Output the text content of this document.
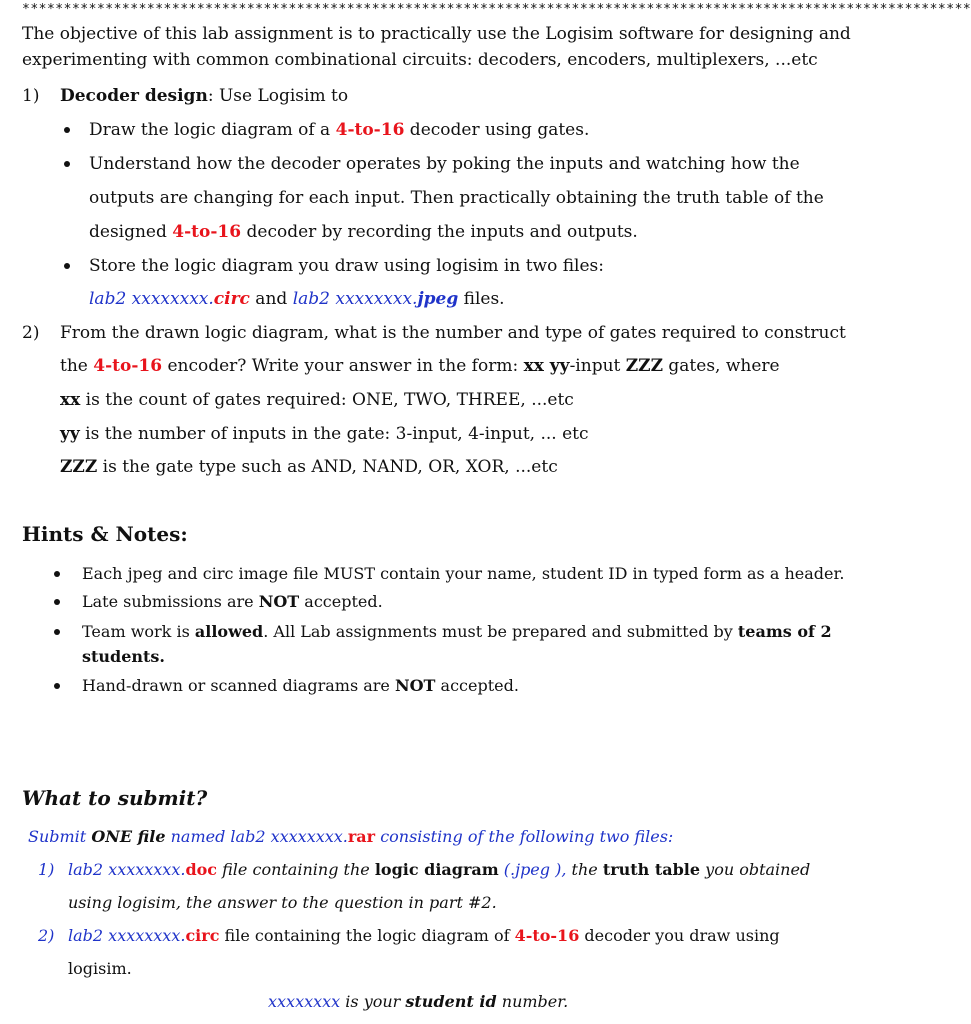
******************************************************************************************************************
The objective of this lab assignment is to practically use the Logisim software for designing and
experimenting with common combinational circuits: decoders, encoders, multiplexers, ...etc
1) Decoder design: Use Logisim to
Draw the logic diagram of a 4-to-16 decoder using gates.
Understand how the decoder operates by poking the inputs and watching how the
outputs are changing for each input. Then practically obtaining the truth table of the
designed 4-to-16 decoder by recording the inputs and outputs.
Store the logic diagram you draw using logisim in two files:
lab2 xxxxxxxx.circ and lab2 xxxxxxxx.jpeg files.
2) From the drawn logic diagram, what is the number and type of gates required to construct
the 4-to-16 encoder? Write your answer in the form: xx yy-input ZZZ gates, where
xx is the count of gates required: ONE, TWO, THREE, ...etc
yy is the number of inputs in the gate: 3-input, 4-input, ... etc
ZZZ is the gate type such as AND, NAND, OR, XOR, ...etc
Hints & Notes:
Each jpeg and circ image file MUST contain your name, student ID in typed form as a header.
Late submissions are NOT accepted.
Team work is allowed. All Lab assignments must be prepared and submitted by teams of 2
students.
Hand-drawn or scanned diagrams are NOT accepted.
What to submit?
Submit ONE file named lab2 xxxxxxxx.rar consisting of the following two files:
1) lab2 xxxxxxxx.doc file containing the logic diagram (.jpeg ), the truth table you obtained
using logisim, the answer to the question in part #2.
2) lab2 xxxxxxxx.circ file containing the logic diagram of 4-to-16 decoder you draw using
logisim.
xxxxxxxx is your student id number.
